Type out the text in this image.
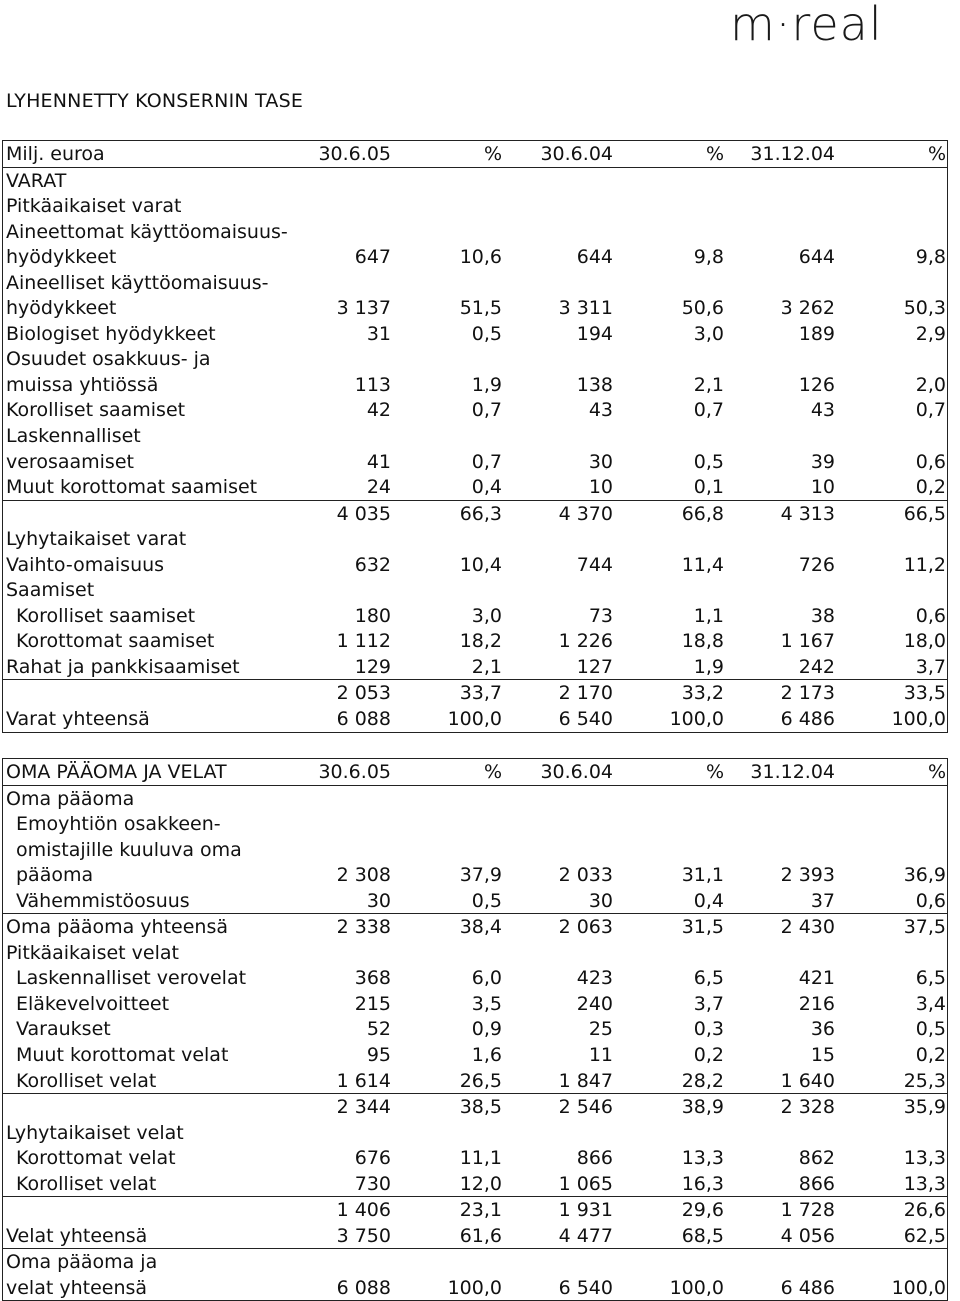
m·real
LYHENNETTY KONSERNIN TASE
Milj. euroa	30.6.05	% 30.6.04	% 31.12.04	%
VARAT
Pitkäaikaiset varat
Aineettomat käyttöomaisuus-
hyödykkeet	647	10,6	644	9,8	644	9,8
Aineelliset käyttöomaisuus-
hyödykkeet	3 137	51,5	3 311	50,6	3 262	50,3
Biologiset hyödykkeet	31	0,5	194	3,0	189	2,9
Osuudet osakkuus- ja
muissa yhtiössä	113	1,9	138	2,1	126	2,0
Korolliset saamiset	42	0,7	43	0,7	43	0,7
Laskennalliset
verosaamiset	41	0,7	30	0,5	39	0,6
Muut korottomat saamiset	24	0,4	10	0,1	10	0,2
4 035	66,3	4 370	66,8	4 313	66,5
Lyhytaikaiset varat
Vaihto-omaisuus	632	10,4	744	11,4	726	11,2
Saamiset
Korolliset saamiset	180	3,0	73	1,1	38	0,6
Korottomat saamiset	1 112	18,2	1 226	18,8	1 167	18,0
Rahat ja pankkisaamiset	129	2,1	127	1,9	242	3,7
2 053	33,7	2 170	33,2	2 173	33,5
Varat yhteensä	6 088	100,0	6 540	100,0	6 486	100,0
OMA PÄÄOMA JA VELAT	30.6.05	% 30.6.04	% 31.12.04	%
Oma pääoma
Emoyhtiön osakkeen-
omistajille kuuluva oma
pääoma	2 308	37,9	2 033	31,1	2 393	36,9
Vähemmistöosuus	30	0,5	30	0,4	37	0,6
Oma pääoma yhteensä	2 338	38,4	2 063	31,5	2 430	37,5
Pitkäaikaiset velat
Laskennalliset verovelat	368	6,0	423	6,5	421	6,5
Eläkevelvoitteet	215	3,5	240	3,7	216	3,4
Varaukset	52	0,9	25	0,3	36	0,5
Muut korottomat velat	95	1,6	11	0,2	15	0,2
Korolliset velat	1 614	26,5	1 847	28,2	1 640	25,3
2 344	38,5	2 546	38,9	2 328	35,9
Lyhytaikaiset velat
Korottomat velat	676	11,1	866	13,3	862	13,3
Korolliset velat	730	12,0	1 065	16,3	866	13,3
1 406	23,1	1 931	29,6	1 728	26,6
Velat yhteensä	3 750	61,6	4 477	68,5	4 056	62,5
Oma pääoma ja
velat yhteensä	6 088	100,0	6 540	100,0	6 486	100,0
